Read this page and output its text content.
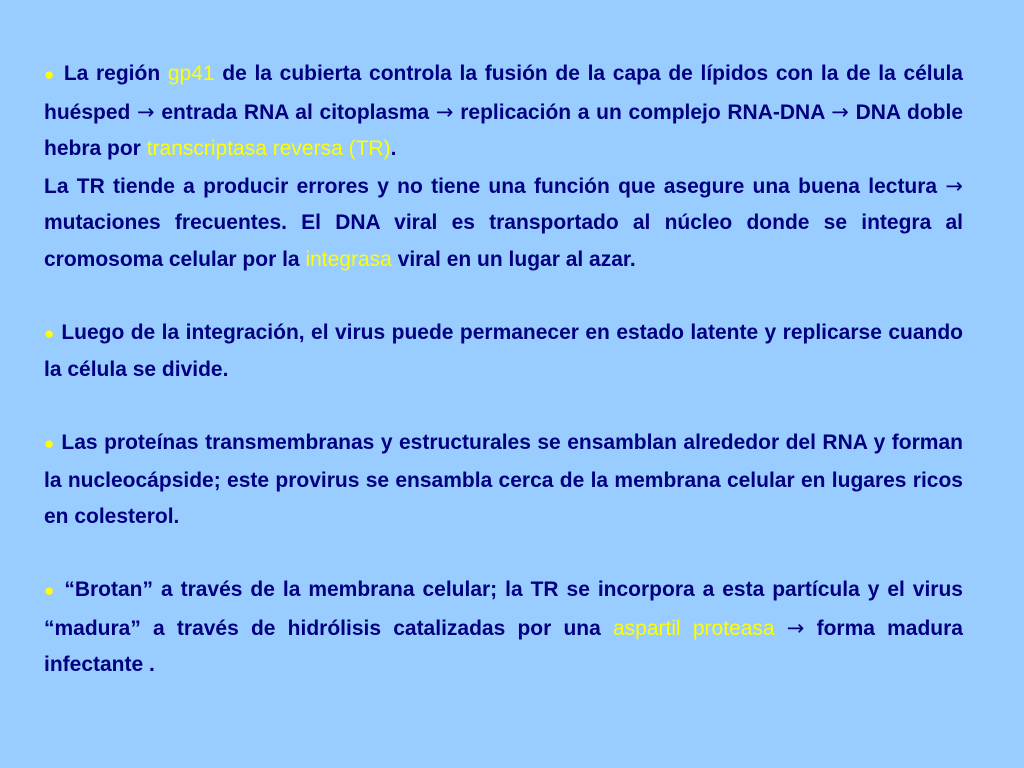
● La región gp41 de la cubierta controla la fusión de la capa de lípidos con la de la célula huésped → entrada RNA al citoplasma → replicación a un complejo RNA-DNA → DNA doble hebra por transcriptasa reversa (TR).
La TR tiende a producir errores y no tiene una función que asegure una buena lectura → mutaciones frecuentes. El DNA viral es transportado al núcleo donde se integra al cromosoma celular por la integrasa viral en un lugar al azar.

● Luego de la integración, el virus puede permanecer en estado latente y replicarse cuando la célula se divide.

● Las proteínas transmembranas y estructurales se ensamblan alrededor del RNA y forman la nucleocápside; este provirus se ensambla cerca de la membrana celular en lugares ricos en colesterol.

● “Brotan” a través de la membrana celular; la TR se incorpora a esta partícula y el virus “madura” a través de hidrólisis catalizadas por una aspartil proteasa → forma madura infectante .
